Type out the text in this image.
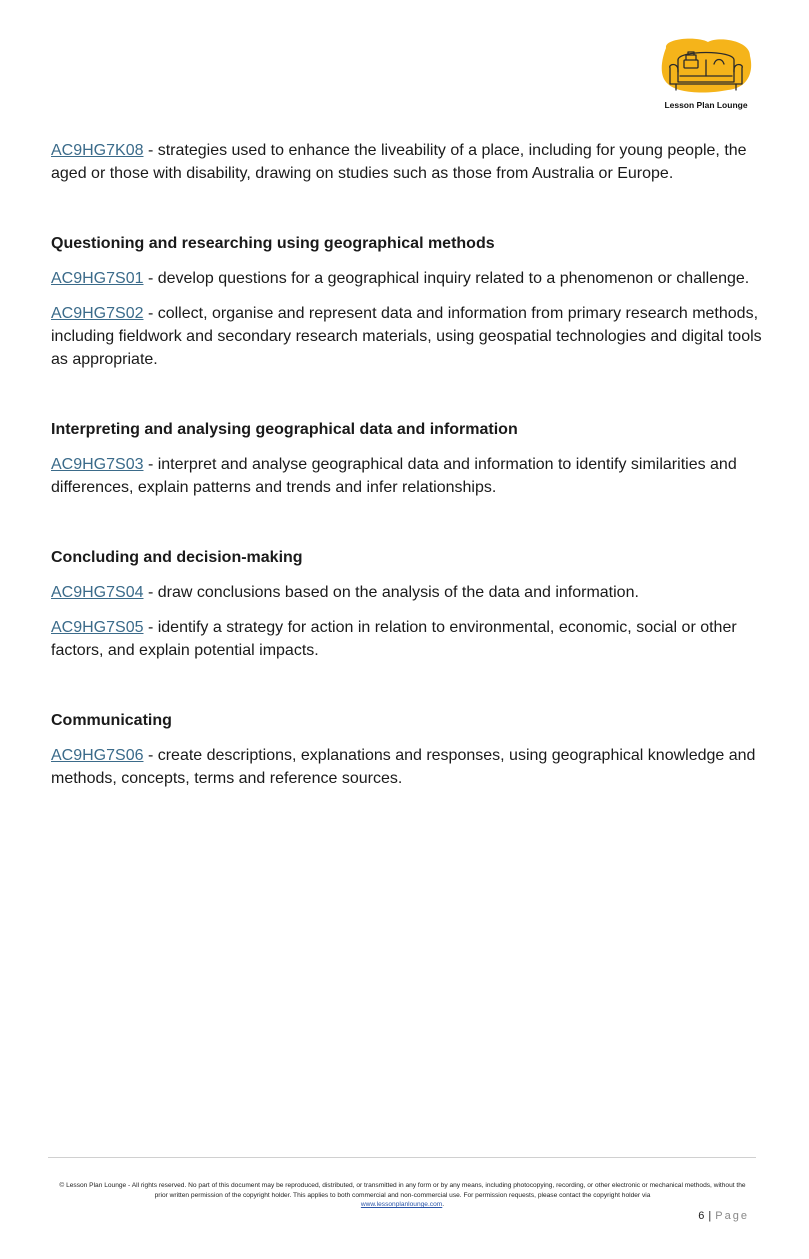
Lesson Plan Lounge

AC9HG7K08 - strategies used to enhance the liveability of a place, including for young people, the aged or those with disability, drawing on studies such as those from Australia or Europe.

Questioning and researching using geographical methods

AC9HG7S01 - develop questions for a geographical inquiry related to a phenomenon or challenge.

AC9HG7S02 - collect, organise and represent data and information from primary research methods, including fieldwork and secondary research materials, using geospatial technologies and digital tools as appropriate.

Interpreting and analysing geographical data and information

AC9HG7S03 - interpret and analyse geographical data and information to identify similarities and differences, explain patterns and trends and infer relationships.

Concluding and decision-making

AC9HG7S04 - draw conclusions based on the analysis of the data and information.

AC9HG7S05 - identify a strategy for action in relation to environmental, economic, social or other factors, and explain potential impacts.

Communicating

AC9HG7S06 - create descriptions, explanations and responses, using geographical knowledge and methods, concepts, terms and reference sources.

© Lesson Plan Lounge - All rights reserved. No part of this document may be reproduced, distributed, or transmitted in any form or by any means, including photocopying, recording, or other electronic or mechanical methods, without the prior written permission of the copyright holder. This applies to both commercial and non-commercial use. For permission requests, please contact the copyright holder via
www.lessonplanlounge.com.
6 | Page
